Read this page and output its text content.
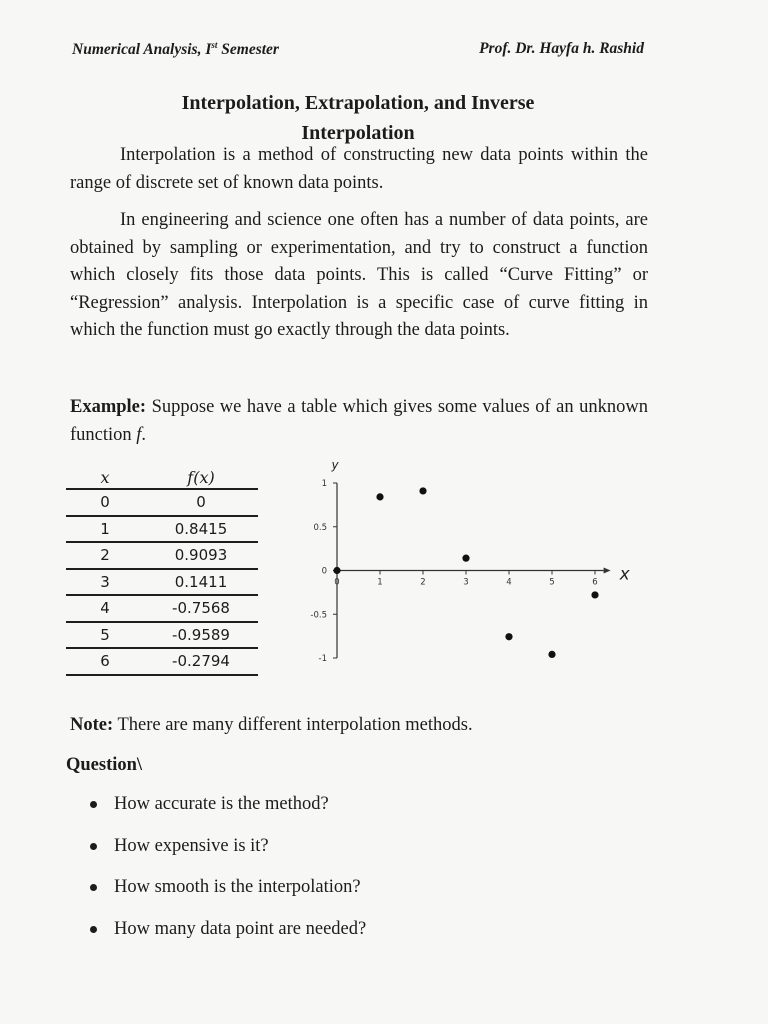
Numerical Analysis, Ist Semester	Prof. Dr. Hayfa h. Rashid
Interpolation, Extrapolation, and Inverse
Interpolation

Interpolation is a method of constructing new data points within the range of discrete set of known data points.

In engineering and science one often has a number of data points, are obtained by sampling or experimentation, and try to construct a function which closely fits those data points. This is called “Curve Fitting” or “Regression” analysis. Interpolation is a specific case of curve fitting in which the function must go exactly through the data points.

Example: Suppose we have a table which gives some values of an unknown function f.

x	f(x)
0	0
1	0.8415
2	0.9093
3	0.1411
4	-0.7568
5	-0.9589
6	-0.2794
1
0.5
0
-0.5
-1
0	1	2	3	4	5	6 x
y

Note: There are many different interpolation methods.

Question\
How accurate is the method?
How expensive is it?
How smooth is the interpolation?
How many data point are needed?
